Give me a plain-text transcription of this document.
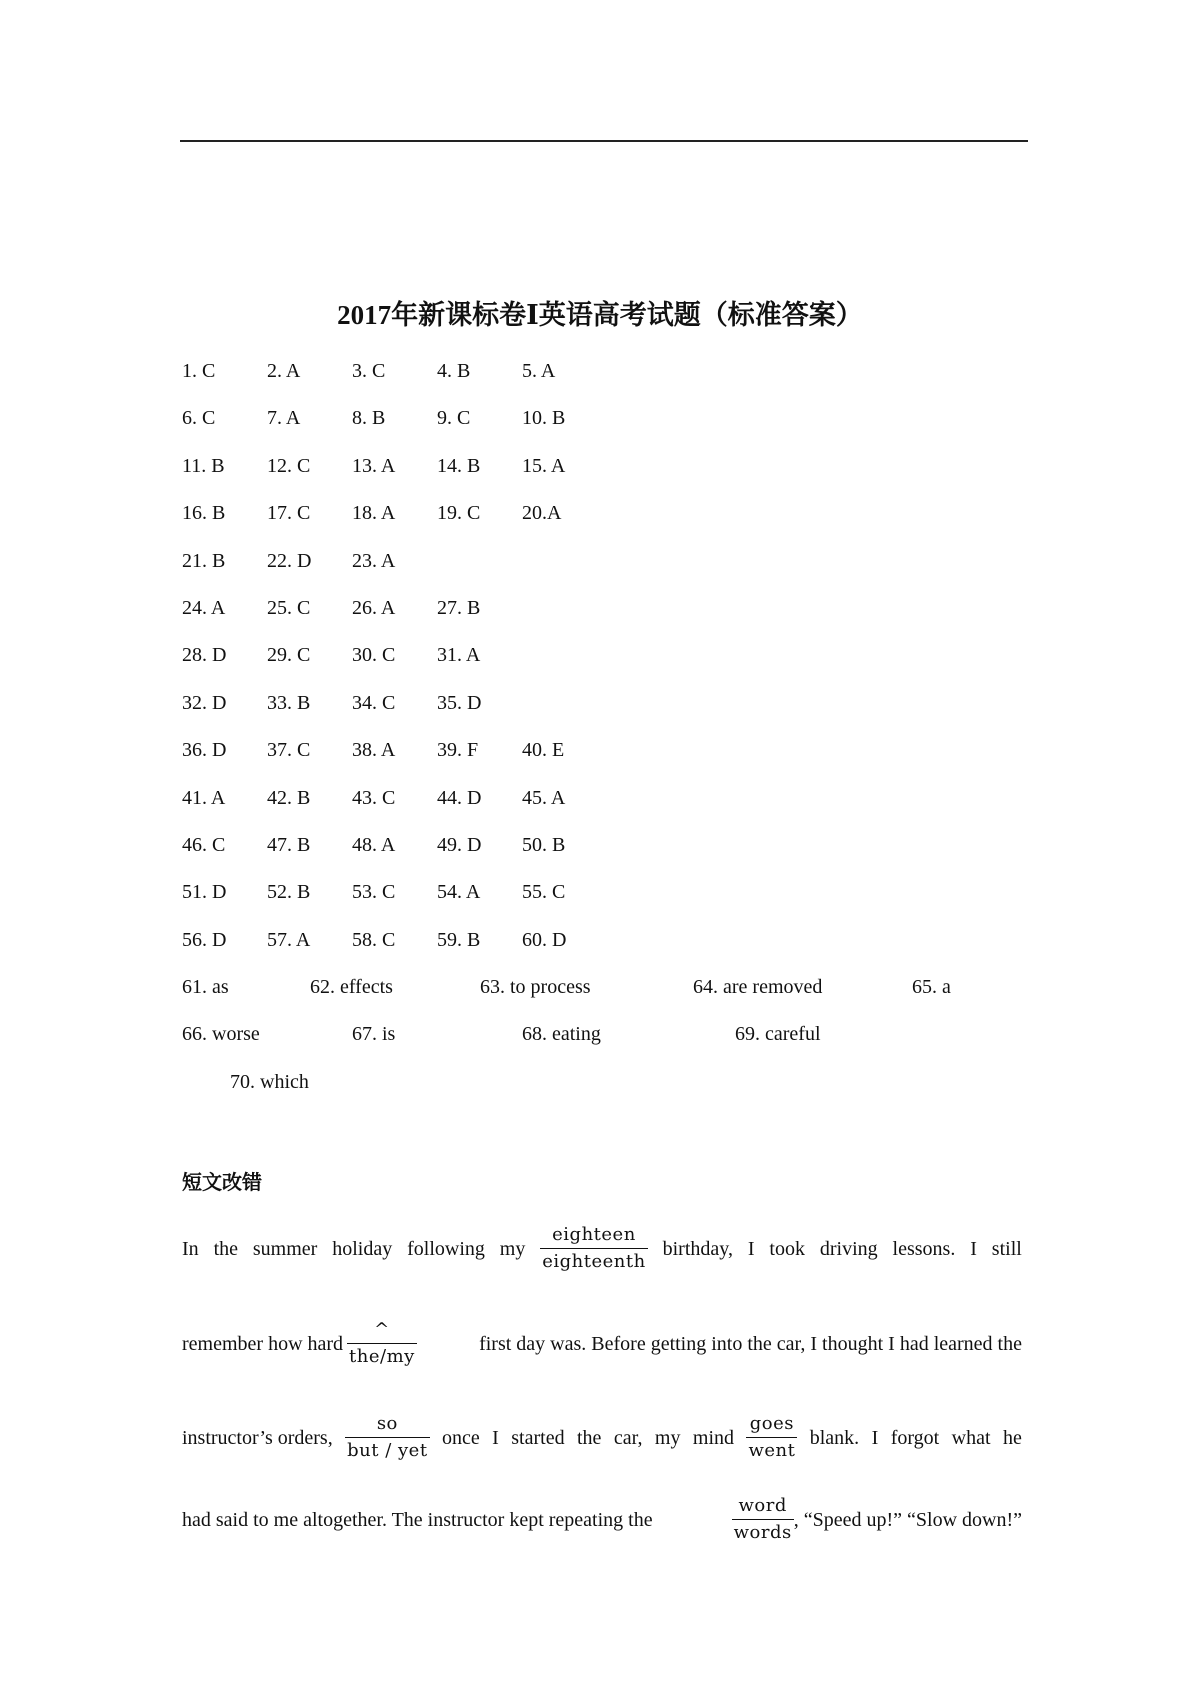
2017年新课标卷Ⅰ英语高考试题（标准答案）
1. C	2. A	3. C	4. B	5. A
6. C	7. A	8. B	9. C	10. B
11. B 12. C 13. A 14. B 15. A
16. B 17. C 18. A 19. C 20.A
21. B 22. D 23. A
24. A 25. C 26. A 27. B
28. D 29. C 30. C 31. A
32. D 33. B 34. C 35. D
36. D 37. C 38. A 39. F 40. E
41. A 42. B 43. C 44. D 45. A
46. C 47. B 48. A 49. D 50. B
51. D 52. B 53. C 54. A 55. C
56. D 57. A 58. C 59. B 60. D
61. as	62. effects	63. to process	64. are removed	65. a
66. worse	67. is	68. eating	69. careful
70. which
短文改错
In the summer holiday following my $\frac{\text{eighteen}}{\text{eighteenth}}$ birthday, I took driving lessons. I still
remember how hard $\frac{\^{}}{\text{the/my}}$	first day was. Before getting into the car, I thought I had learned the
instructor’s orders, $\frac{so}{\text{but / yet}}$ once I started the car, my mind $\frac{\text{goes}}{\text{went}}$ blank. I forgot what he
had said to me altogether. The instructor kept repeating the	$\frac{\text{word}}{\text{words}}$ , “Speed up!” “Slow down!”
